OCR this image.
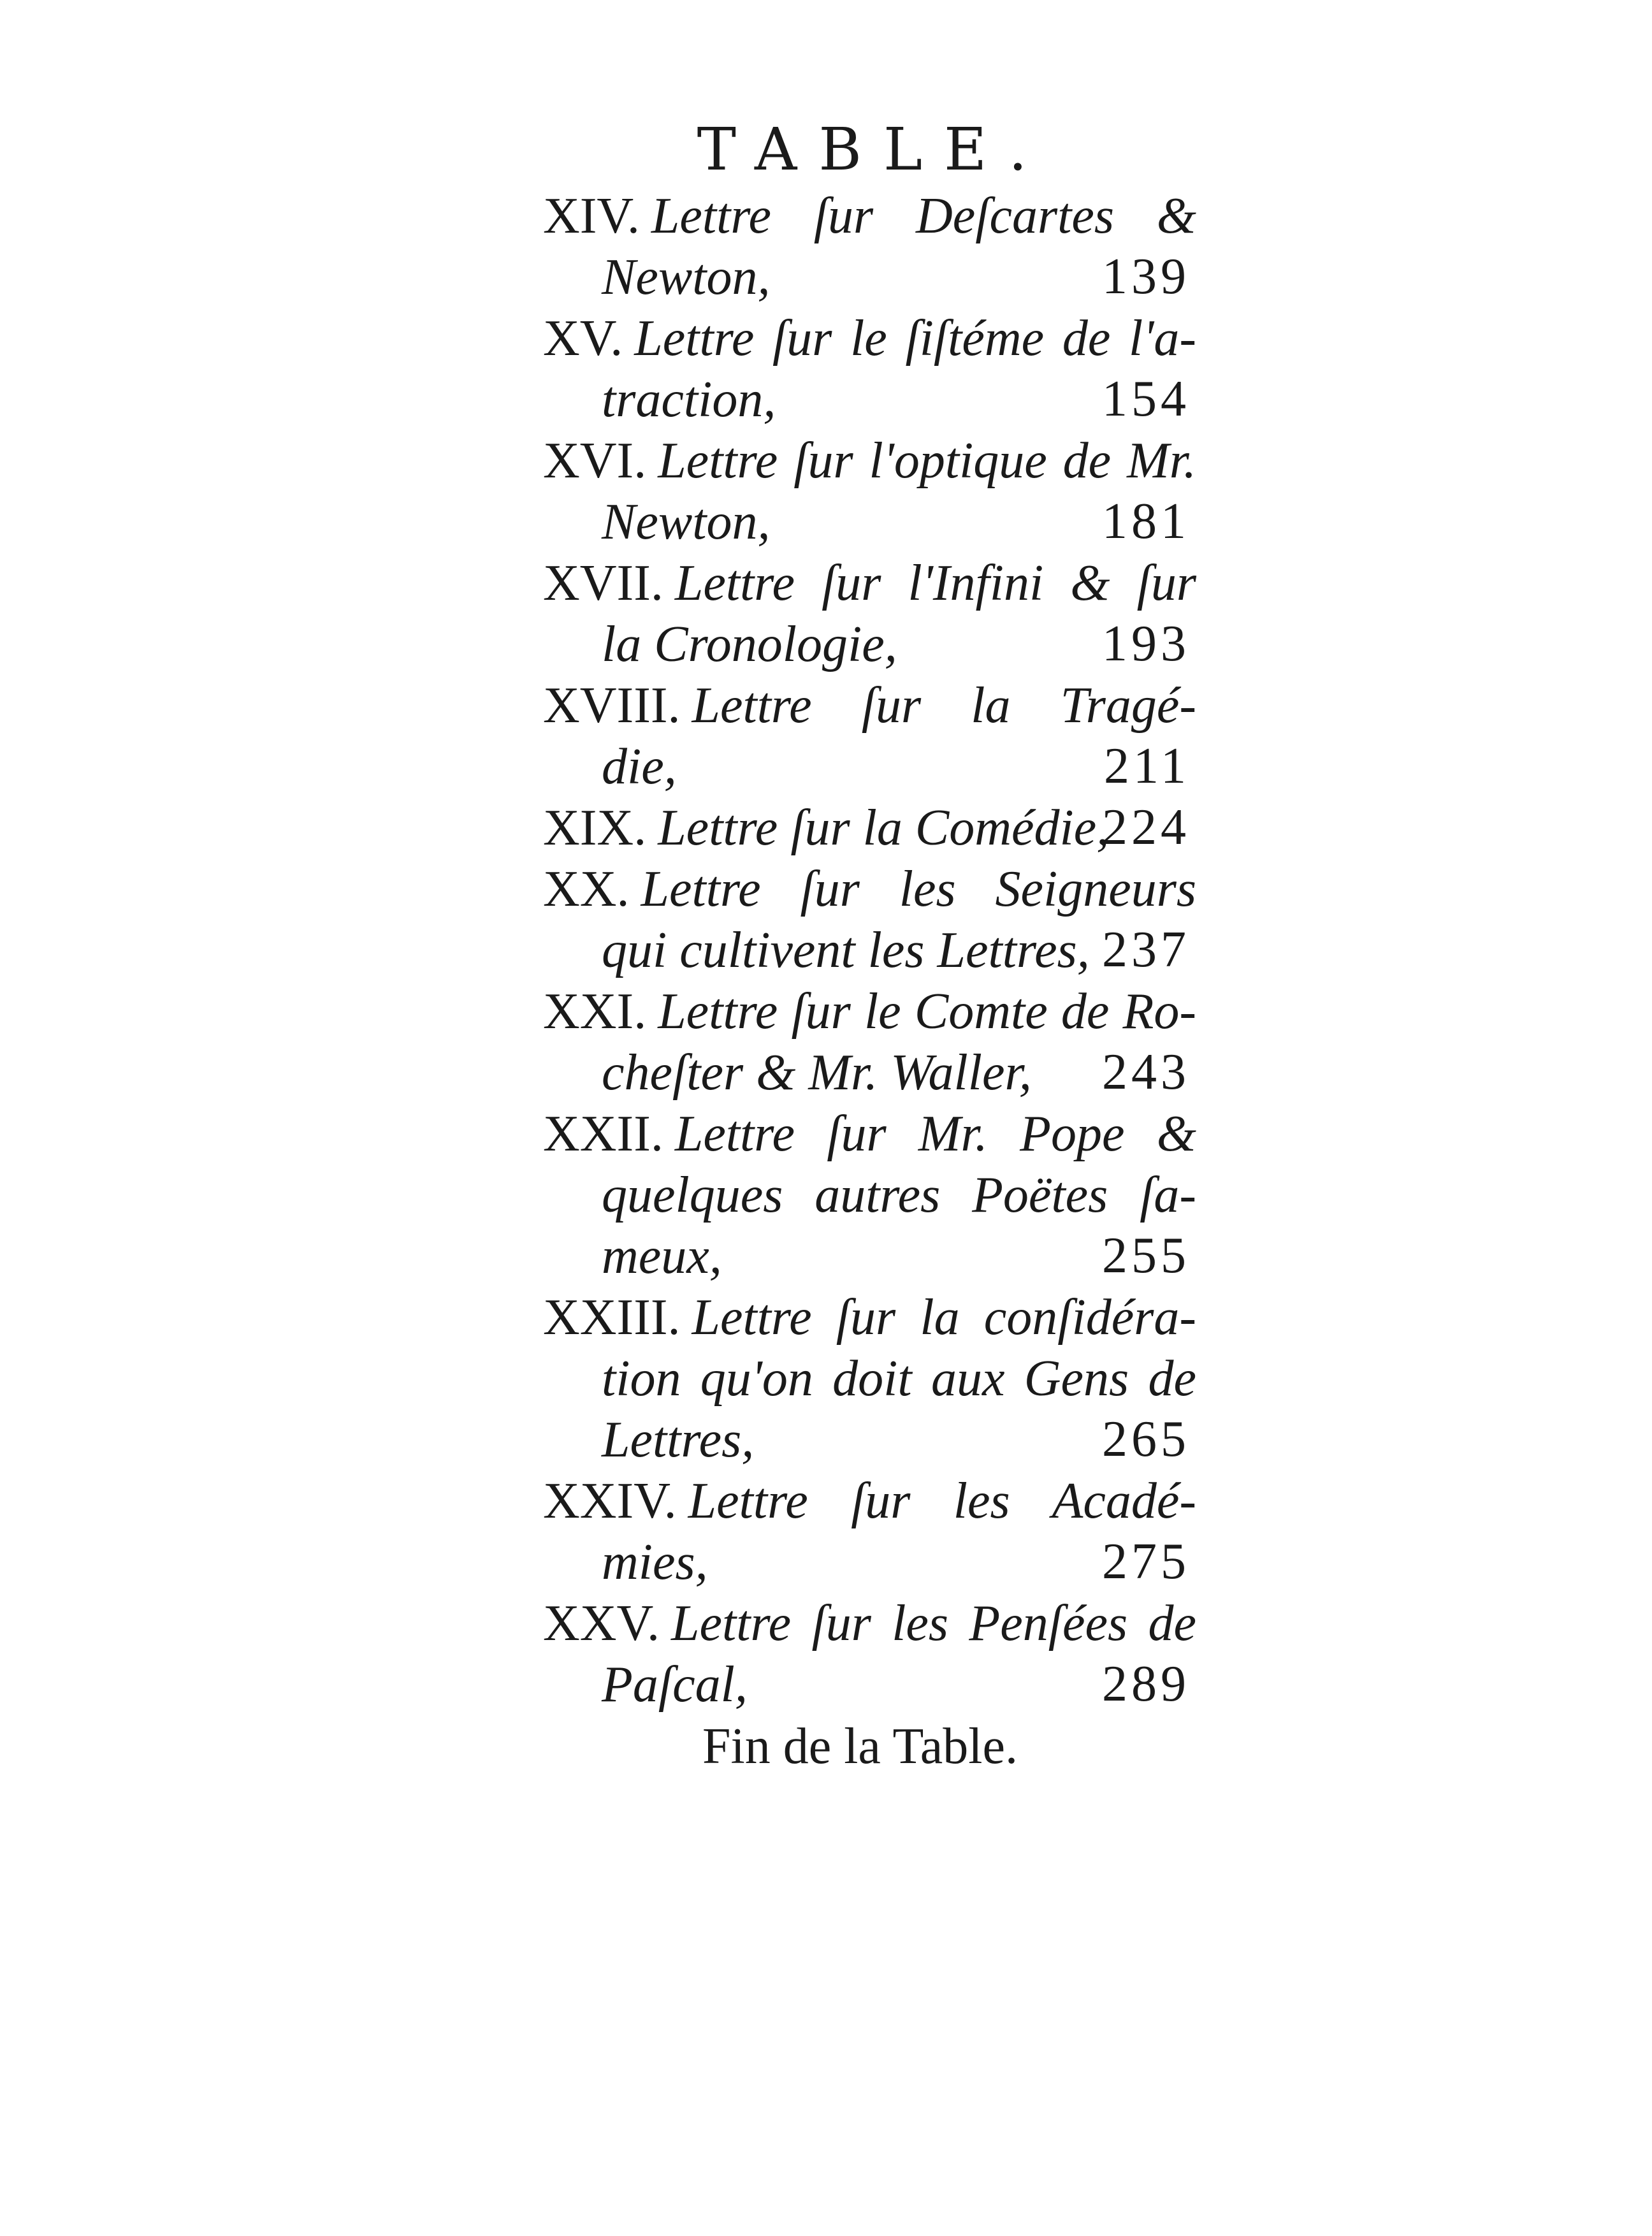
TABLE.
XIV. Lettre ſur Deſcartes &
Newton,	139
XV. Lettre ſur le ſiſtéme de l'a-
traction,	154
XVI. Lettre ſur l'optique de Mr.
Newton,	181
XVII. Lettre ſur l'Infini & ſur
la Cronologie,	193
XVIII. Lettre ſur la Tragé-
die,	211
XIX. Lettre ſur la Comédie,
224
XX. Lettre ſur les Seigneurs
qui cultivent les Lettres, 237
XXI. Lettre ſur le Comte de Ro-
cheſter & Mr. Waller, 243
XXII. Lettre ſur Mr. Pope &
quelques autres Poëtes ſa-
meux,	255
XXIII. Lettre ſur la conſidéra-
tion qu'on doit aux Gens de
Lettres,	265
XXIV. Lettre ſur les Acadé-
mies,	275
XXV. Lettre ſur les Penſées de
Paſcal,	289
Fin de la Table.
